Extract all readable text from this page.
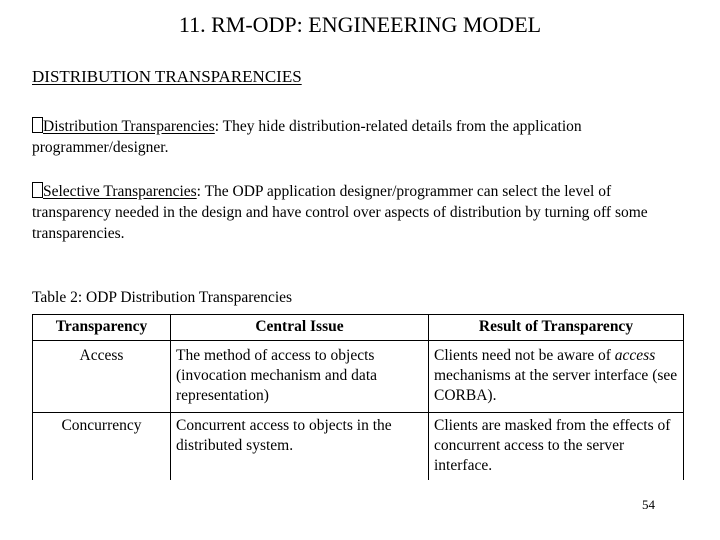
11. RM-ODP: ENGINEERING MODEL
DISTRIBUTION TRANSPARENCIES
Distribution Transparencies: They hide distribution-related details from the application programmer/designer.
Selective Transparencies: The ODP application designer/programmer can select the level of transparency needed in the design and have control over aspects of distribution by turning off some transparencies.
Table 2: ODP Distribution Transparencies
Transparency	Central Issue	Result of Transparency
Access	The method of access to objects (invocation mechanism and data representation)	Clients need not be aware of access mechanisms at the server interface (see CORBA).
Concurrency	Concurrent access to objects in the distributed system.	Clients are masked from the effects of concurrent access to the server interface.
54
